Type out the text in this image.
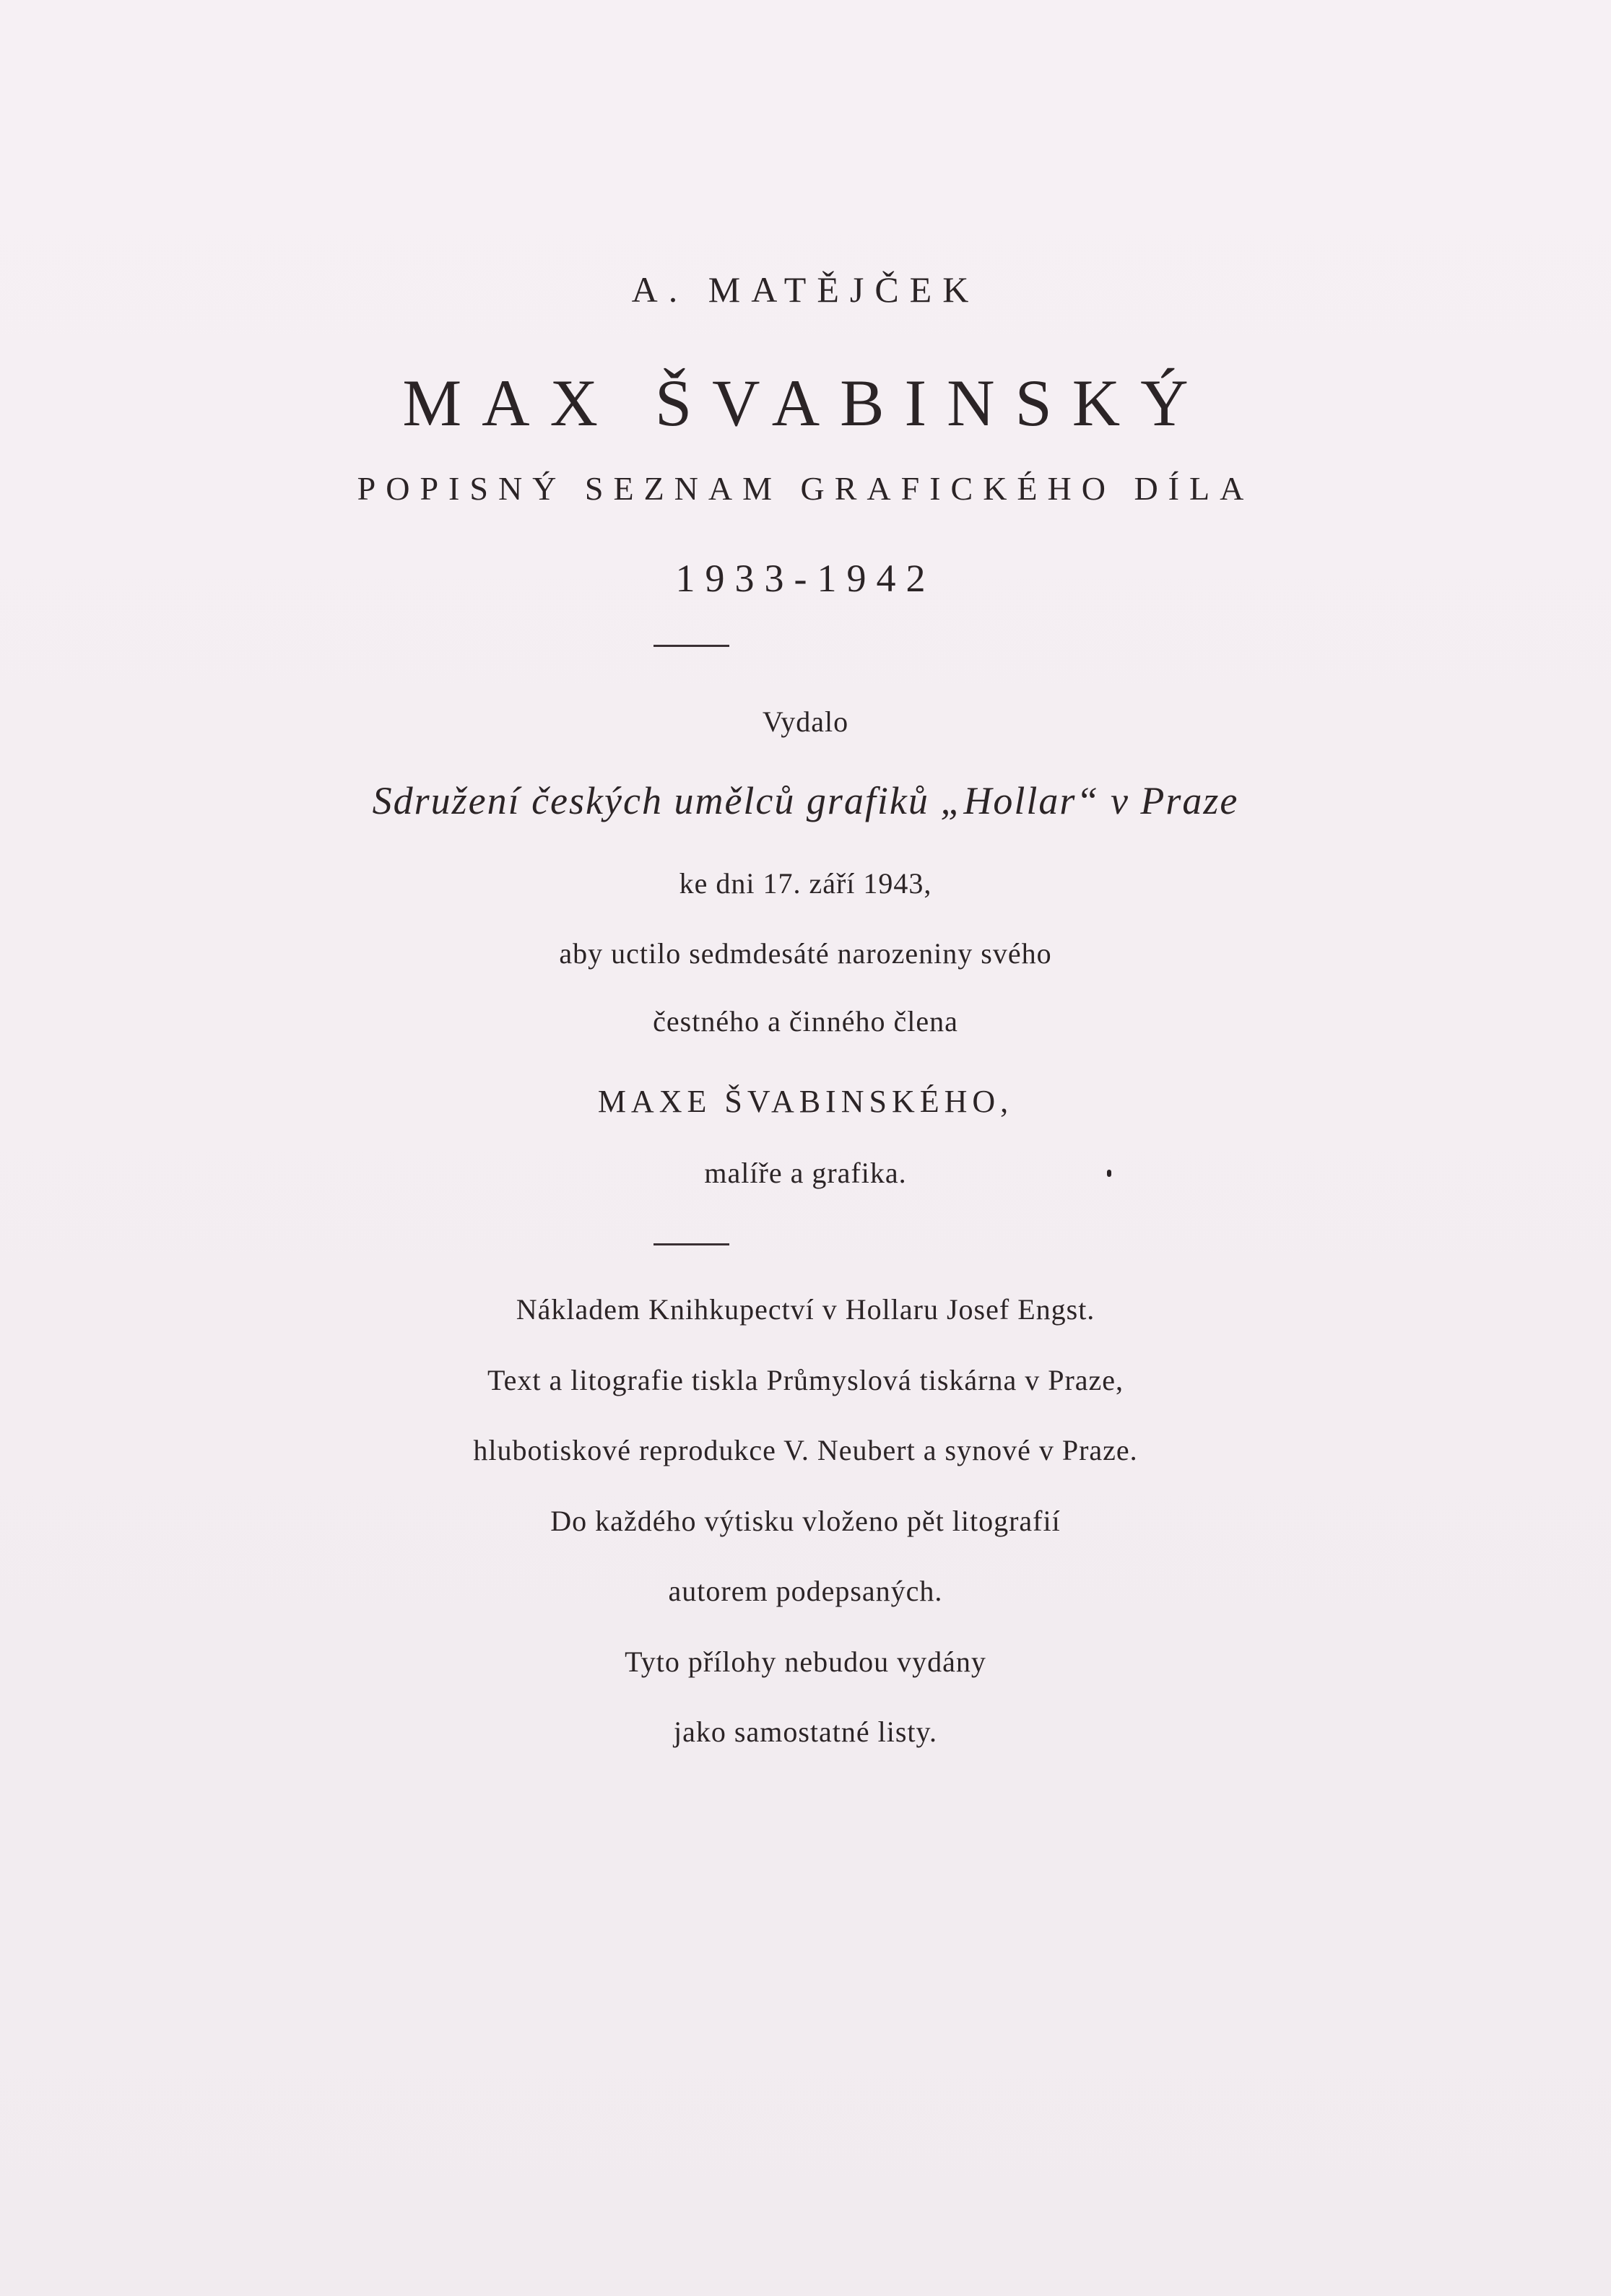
A. MATĚJČEK
MAX ŠVABINSKÝ
POPISNÝ SEZNAM GRAFICKÉHO DÍLA
1933-1942
Vydalo
Sdružení českých umělců grafiků „Hollar“ v Praze
ke dni 17. září 1943,
aby uctilo sedmdesáté narozeniny svého
čestného a činného člena
MAXE ŠVABINSKÉHO,
malíře a grafika.
Nákladem Knihkupectví v Hollaru Josef Engst.
Text a litografie tiskla Průmyslová tiskárna v Praze,
hlubotiskové reprodukce V. Neubert a synové v Praze.
Do každého výtisku vloženo pět litografií
autorem podepsaných.
Tyto přílohy nebudou vydány
jako samostatné listy.
